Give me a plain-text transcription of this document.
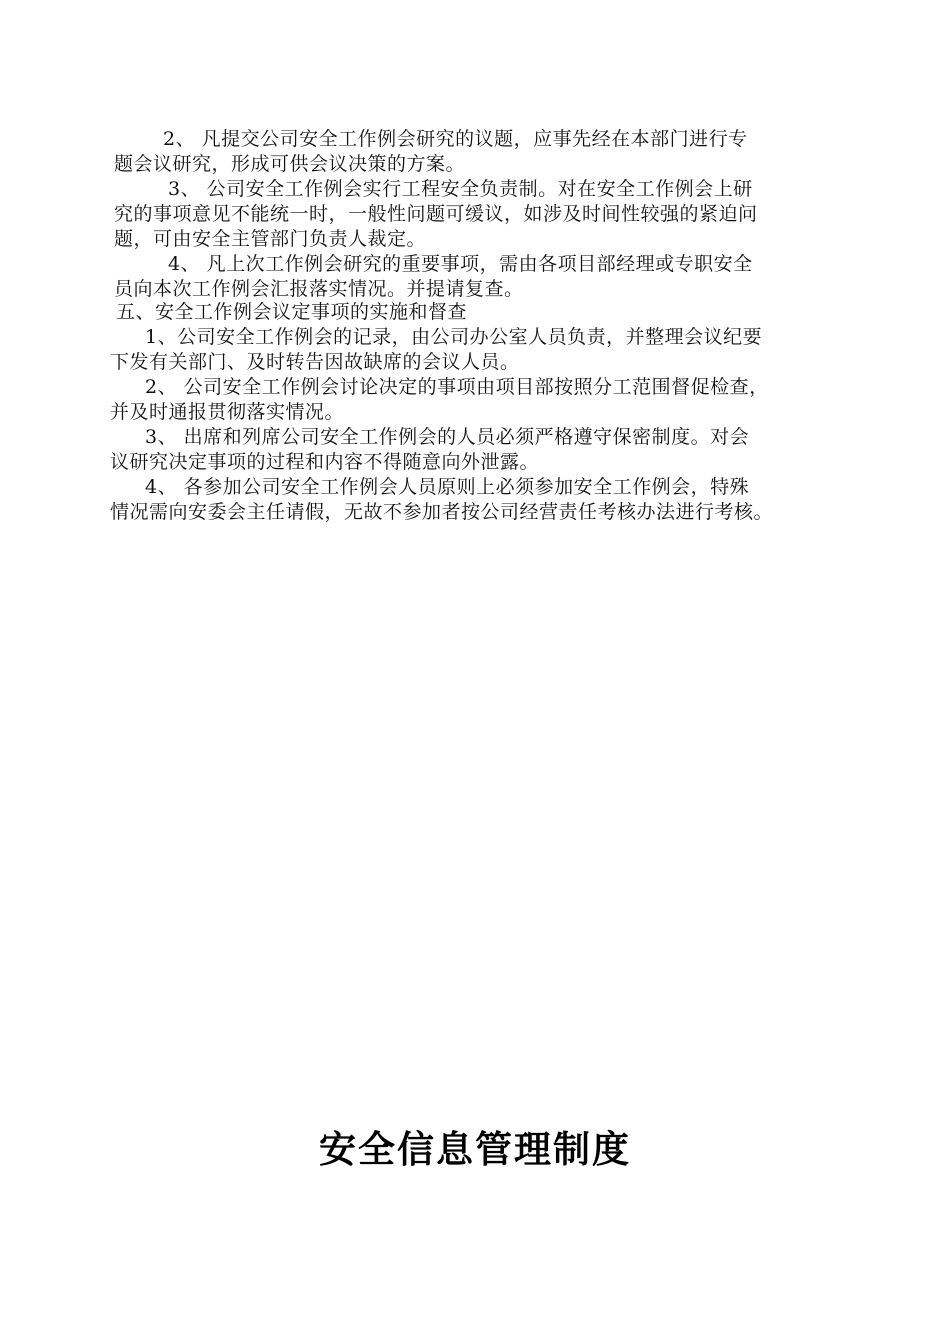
2、 凡提交公司安全工作例会研究的议题，应事先经在本部门进行专
题会议研究，形成可供会议决策的方案。
3、 公司安全工作例会实行工程安全负责制。对在安全工作例会上研
究的事项意见不能统一时，一般性问题可缓议，如涉及时间性较强的紧迫问
题，可由安全主管部门负责人裁定。
4、 凡上次工作例会研究的重要事项，需由各项目部经理或专职安全
员向本次工作例会汇报落实情况。并提请复查。
五、安全工作例会议定事项的实施和督查
1、公司安全工作例会的记录，由公司办公室人员负责，并整理会议纪要
下发有关部门、及时转告因故缺席的会议人员。
2、 公司安全工作例会讨论决定的事项由项目部按照分工范围督促检查，
并及时通报贯彻落实情况。
3、 出席和列席公司安全工作例会的人员必须严格遵守保密制度。对会
议研究决定事项的过程和内容不得随意向外泄露。
4、 各参加公司安全工作例会人员原则上必须参加安全工作例会，特殊
情况需向安委会主任请假，无故不参加者按公司经营责任考核办法进行考核。
安全信息管理制度
